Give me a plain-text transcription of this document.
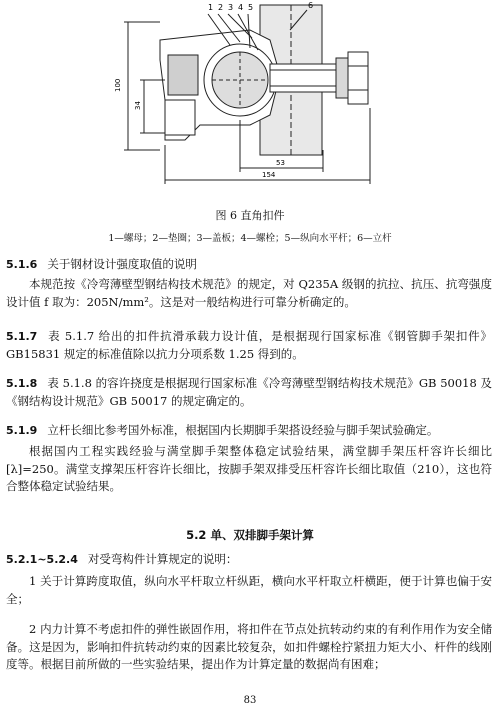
1 2 3 4 5	6
100
34
53
154
图 6 直角扣件
1—螺母；2—垫圈；3—盖板；4—螺栓；5—纵向水平杆；6—立杆

5.1.6 关于钢材设计强度取值的说明

本规范按《冷弯薄壁型钢结构技术规范》的规定，对 Q235A 级钢的抗拉、抗压、抗弯强度设计值 f 取为：205N/mm²。这是对一般结构进行可靠分析确定的。

5.1.7 表 5.1.7 给出的扣件抗滑承载力设计值，是根据现行国家标准《钢管脚手架扣件》GB15831 规定的标准值除以抗力分项系数 1.25 得到的。

5.1.8 表 5.1.8 的容许挠度是根据现行国家标准《冷弯薄壁型钢结构技术规范》GB 50018 及《钢结构设计规范》GB 50017 的规定确定的。

5.1.9 立杆长细比参考国外标准，根据国内长期脚手架搭设经验与脚手架试验确定。

根据国内工程实践经验与满堂脚手架整体稳定试验结果，满堂脚手架压杆容许长细比[λ]=250。满堂支撑架压杆容许长细比，按脚手架双排受压杆容许长细比取值（210），这也符合整体稳定试验结果。

5.2 单、双排脚手架计算

5.2.1~5.2.4 对受弯构件计算规定的说明：

1 关于计算跨度取值，纵向水平杆取立杆纵距，横向水平杆取立杆横距，便于计算也偏于安全；

2 内力计算不考虑扣件的弹性嵌固作用，将扣件在节点处抗转动约束的有利作用作为安全储备。这是因为，影响扣件抗转动约束的因素比较复杂，如扣件螺栓拧紧扭力矩大小、杆件的线刚度等。根据目前所做的一些实验结果，提出作为计算定量的数据尚有困难；

83
